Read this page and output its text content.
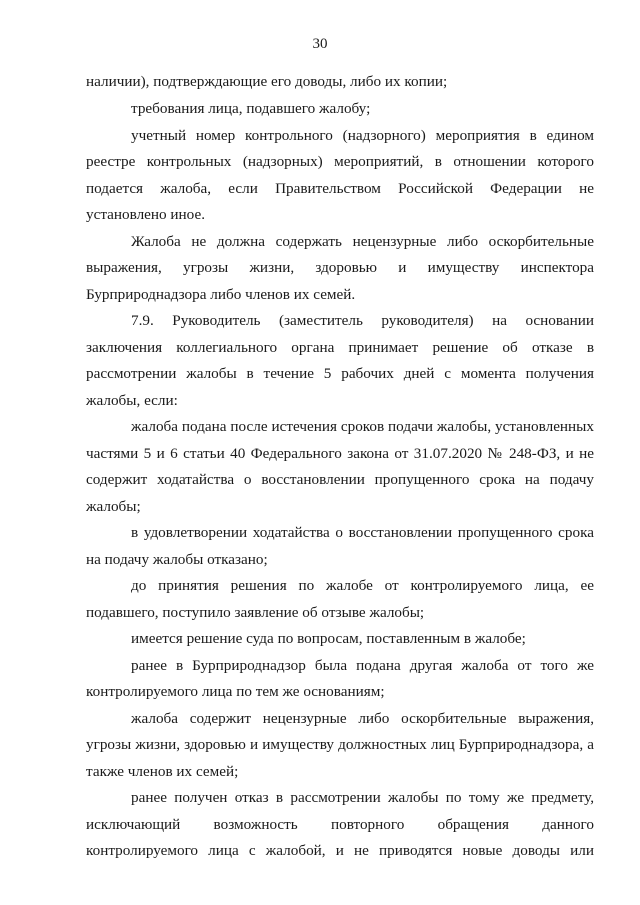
30
наличии), подтверждающие его доводы, либо их копии;
требования лица, подавшего жалобу;
учетный номер контрольного (надзорного) мероприятия в едином
реестре контрольных (надзорных) мероприятий, в отношении которого
подается жалоба, если Правительством Российской Федерации не
установлено иное.
Жалоба не должна содержать нецензурные либо оскорбительные
выражения, угрозы жизни, здоровью и имуществу инспектора
Бурприроднадзора либо членов их семей.
7.9. Руководитель (заместитель руководителя) на основании
заключения коллегиального органа принимает решение об отказе в
рассмотрении жалобы в течение 5 рабочих дней с момента получения
жалобы, если:
жалоба подана после истечения сроков подачи жалобы, установленных
частями 5 и 6 статьи 40 Федерального закона от 31.07.2020 № 248-ФЗ, и не
содержит ходатайства о восстановлении пропущенного срока на подачу
жалобы;
в удовлетворении ходатайства о восстановлении пропущенного срока
на подачу жалобы отказано;
до принятия решения по жалобе от контролируемого лица, ее
подавшего, поступило заявление об отзыве жалобы;
имеется решение суда по вопросам, поставленным в жалобе;
ранее в Бурприроднадзор была подана другая жалоба от того же
контролируемого лица по тем же основаниям;
жалоба содержит нецензурные либо оскорбительные выражения,
угрозы жизни, здоровью и имуществу должностных лиц Бурприроднадзора, а
также членов их семей;
ранее получен отказ в рассмотрении жалобы по тому же предмету,
исключающий возможность повторного обращения данного
контролируемого лица с жалобой, и не приводятся новые доводы или
